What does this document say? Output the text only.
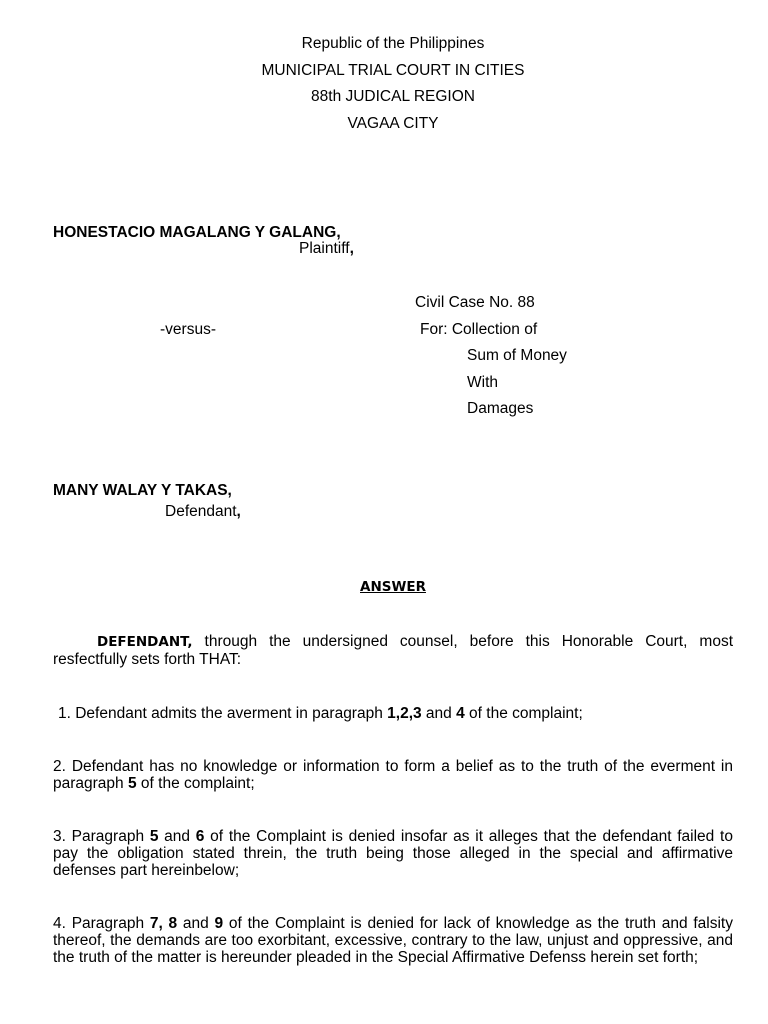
Republic of the Philippines
MUNICIPAL TRIAL COURT IN CITIES
88th JUDICAL REGION
VAGAA CITY
HONESTACIO MAGALANG Y GALANG,
Plaintiff,
Civil Case No. 88
-versus-	For: Collection of
Sum of Money
With
Damages
MANY WALAY Y TAKAS,
Defendant,
ANSWER
DEFENDANT, through the undersigned counsel, before this Honorable Court, most resfectfully sets forth THAT:
1. Defendant admits the averment in paragraph 1,2,3 and 4 of the complaint;
2. Defendant has no knowledge or information to form a belief as to the truth of the everment in paragraph 5 of the complaint;
3. Paragraph 5 and 6 of the Complaint is denied insofar as it alleges that the defendant failed to pay the obligation stated threin, the truth being those alleged in the special and affirmative defenses part hereinbelow;
4. Paragraph 7, 8 and 9 of the Complaint is denied for lack of knowledge as the truth and falsity thereof, the demands are too exorbitant, excessive, contrary to the law, unjust and oppressive, and the truth of the matter is hereunder pleaded in the Special Affirmative Defenss herein set forth;
